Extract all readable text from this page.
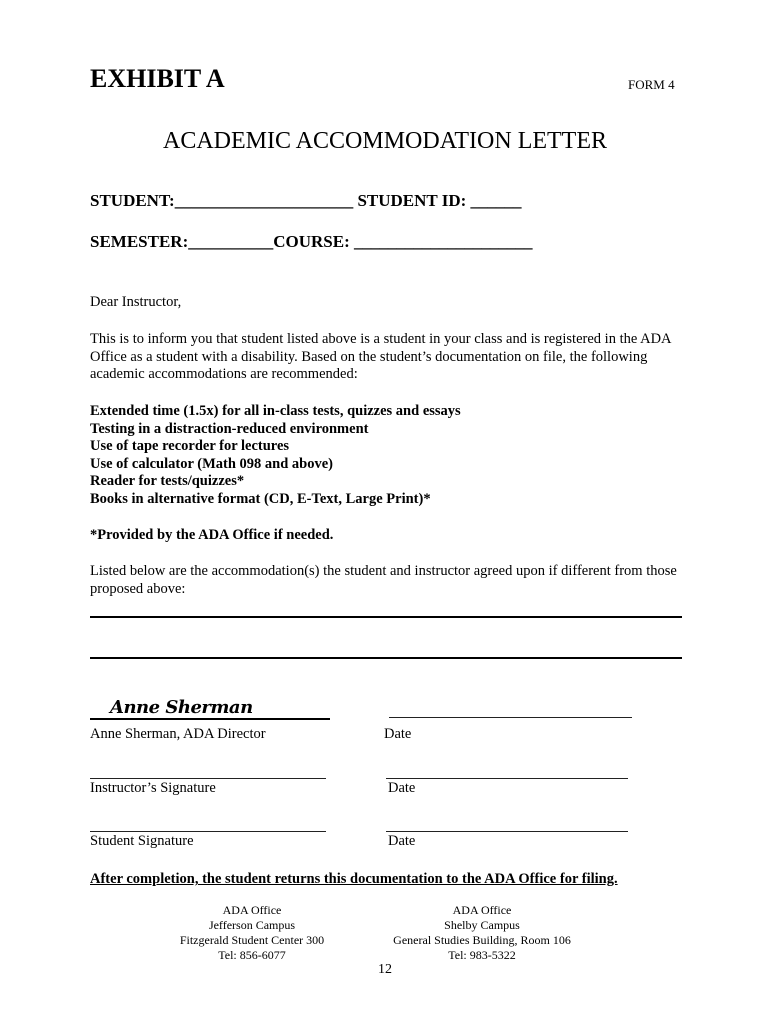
EXHIBIT A	FORM 4
ACADEMIC ACCOMMODATION LETTER
STUDENT:_____________________ STUDENT ID: ______
SEMESTER:__________COURSE: _____________________
Dear Instructor,
This is to inform you that student listed above is a student in your class and is registered in the ADA Office as a student with a disability. Based on the student’s documentation on file, the following academic accommodations are recommended:
Extended time (1.5x) for all in-class tests, quizzes and essays
Testing in a distraction-reduced environment
Use of tape recorder for lectures
Use of calculator (Math 098 and above)
Reader for tests/quizzes*
Books in alternative format (CD, E-Text, Large Print)*
*Provided by the ADA Office if needed.
Listed below are the accommodation(s) the student and instructor agreed upon if different from those proposed above:
Anne Sherman
Anne Sherman, ADA Director	Date
Instructor’s Signature	Date
Student Signature	Date
After completion, the student returns this documentation to the ADA Office for filing.
ADA Office
Jefferson Campus
Fitzgerald Student Center 300
Tel: 856-6077
ADA Office
Shelby Campus
General Studies Building, Room 106
Tel: 983-5322
12
